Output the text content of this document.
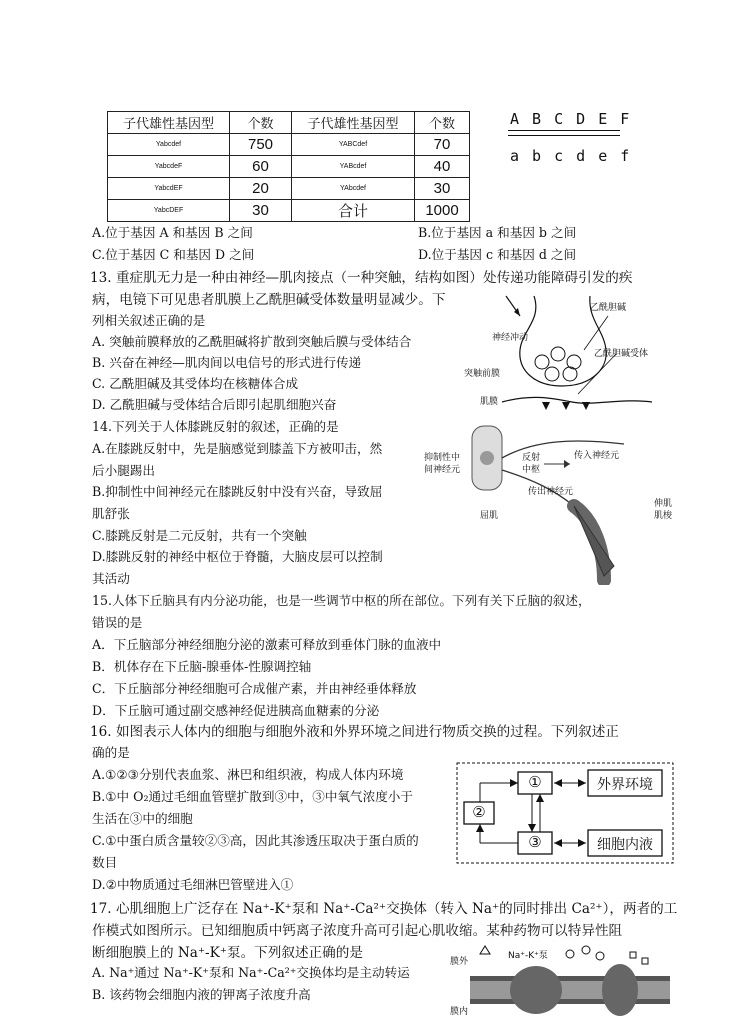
子代雄性基因型	个数	子代雄性基因型	个数
Yabcdef	750	YABCdef	70
YabcdeF	60	YABcdef	40
YabcdEF	20	YAbcdef	30
YabcDEF	30	合计	1000
A B C D E F
a b c d e f
A.位于基因 A 和基因 B 之间	B.位于基因 a 和基因 b 之间
C.位于基因 C 和基因 D 之间	D.位于基因 c 和基因 d 之间
13. 重症肌无力是一种由神经—肌肉接点（一种突触，结构如图）处传递功能障碍引发的疾
病，电镜下可见患者肌膜上乙酰胆碱受体数量明显减少。下
列相关叙述正确的是
A. 突触前膜释放的乙酰胆碱将扩散到突触后膜与受体结合
B. 兴奋在神经—肌肉间以电信号的形式进行传递
C. 乙酰胆碱及其受体均在核糖体合成
D. 乙酰胆碱与受体结合后即引起肌细胞兴奋
乙酰胆碱
神经冲动
乙酰胆碱受体
突触前膜
肌膜
14.下列关于人体膝跳反射的叙述，正确的是
A.在膝跳反射中，先是脑感觉到膝盖下方被叩击，然
后小腿踢出
B.抑制性中间神经元在膝跳反射中没有兴奋，导致屈
肌舒张
C.膝跳反射是二元反射，共有一个突触
D.膝跳反射的神经中枢位于脊髓，大脑皮层可以控制
其活动
抑制性中
间神经元
反射
中枢
传入神经元
传出神经元
伸肌
肌梭
屈肌
15.人体下丘脑具有内分泌功能，也是一些调节中枢的所在部位。下列有关下丘脑的叙述，
错误的是
A．下丘脑部分神经细胞分泌的激素可释放到垂体门脉的血液中
B．机体存在下丘脑-腺垂体-性腺调控轴
C．下丘脑部分神经细胞可合成催产素，并由神经垂体释放
D．下丘脑可通过副交感神经促进胰高血糖素的分泌
16. 如图表示人体内的细胞与细胞外液和外界环境之间进行物质交换的过程。下列叙述正
确的是
A.①②③分别代表血浆、淋巴和组织液，构成人体内环境
B.①中 O₂通过毛细血管壁扩散到③中，③中氧气浓度小于
生活在③中的细胞
C.①中蛋白质含量较②③高，因此其渗透压取决于蛋白质的
数目
D.②中物质通过毛细淋巴管壁进入①
①
②
③
外界环境
细胞内液
17. 心肌细胞上广泛存在 Na⁺-K⁺泵和 Na⁺-Ca²⁺交换体（转入 Na⁺的同时排出 Ca²⁺），两者的工
作模式如图所示。已知细胞质中钙离子浓度升高可引起心肌收缩。某种药物可以特异性阻
断细胞膜上的 Na⁺-K⁺泵。下列叙述正确的是
A. Na⁺通过 Na⁺-K⁺泵和 Na⁺-Ca²⁺交换体均是主动转运
B. 该药物会细胞内液的钾离子浓度升高
膜外
膜内
Na⁺-K⁺泵
